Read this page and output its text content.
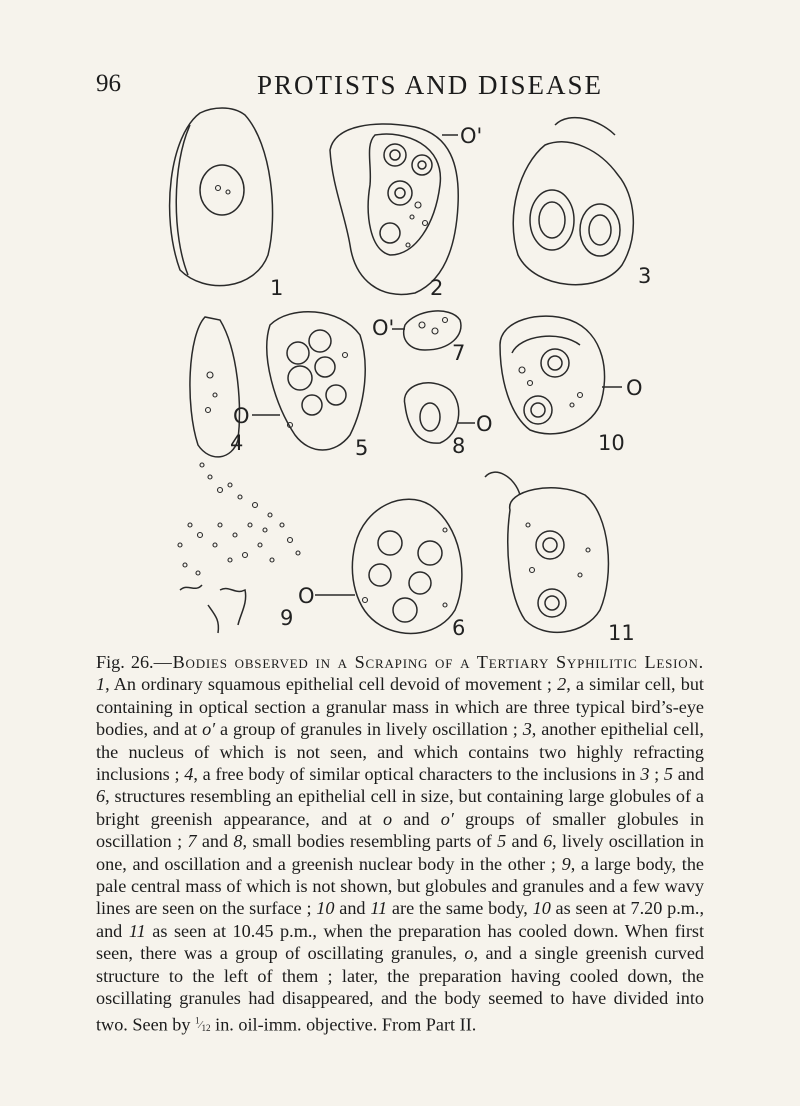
96	PROTISTS AND DISEASE
1
O'
2	3
4
O
5
O'
7
O
8
O
10
9
O
6	11
Fig. 26.—Bodies observed in a Scraping of a Tertiary Syphilitic Lesion. 1, An ordinary squamous epithelial cell devoid of movement ; 2, a similar cell, but containing in optical section a granular mass in which are three typical bird’s-eye bodies, and at o′ a group of granules in lively oscillation ; 3, another epithelial cell, the nucleus of which is not seen, and which contains two highly refracting inclusions ; 4, a free body of similar optical characters to the inclusions in 3 ; 5 and 6, structures resembling an epithelial cell in size, but containing large globules of a bright greenish appearance, and at o and o′ groups of smaller globules in oscillation ; 7 and 8, small bodies resembling parts of 5 and 6, lively oscillation in one, and oscillation and a greenish nuclear body in the other ; 9, a large body, the pale central mass of which is not shown, but globules and granules and a few wavy lines are seen on the surface ; 10 and 11 are the same body, 10 as seen at 7.20 p.m., and 11 as seen at 10.45 p.m., when the preparation has cooled down. When first seen, there was a group of oscillating granules, o, and a single greenish curved structure to the left of them ; later, the preparation having cooled down, the oscillating granules had disappeared, and the body seemed to have divided into two. Seen by $^1⁄_{12}$ in. oil-imm. objective. From Part II.
